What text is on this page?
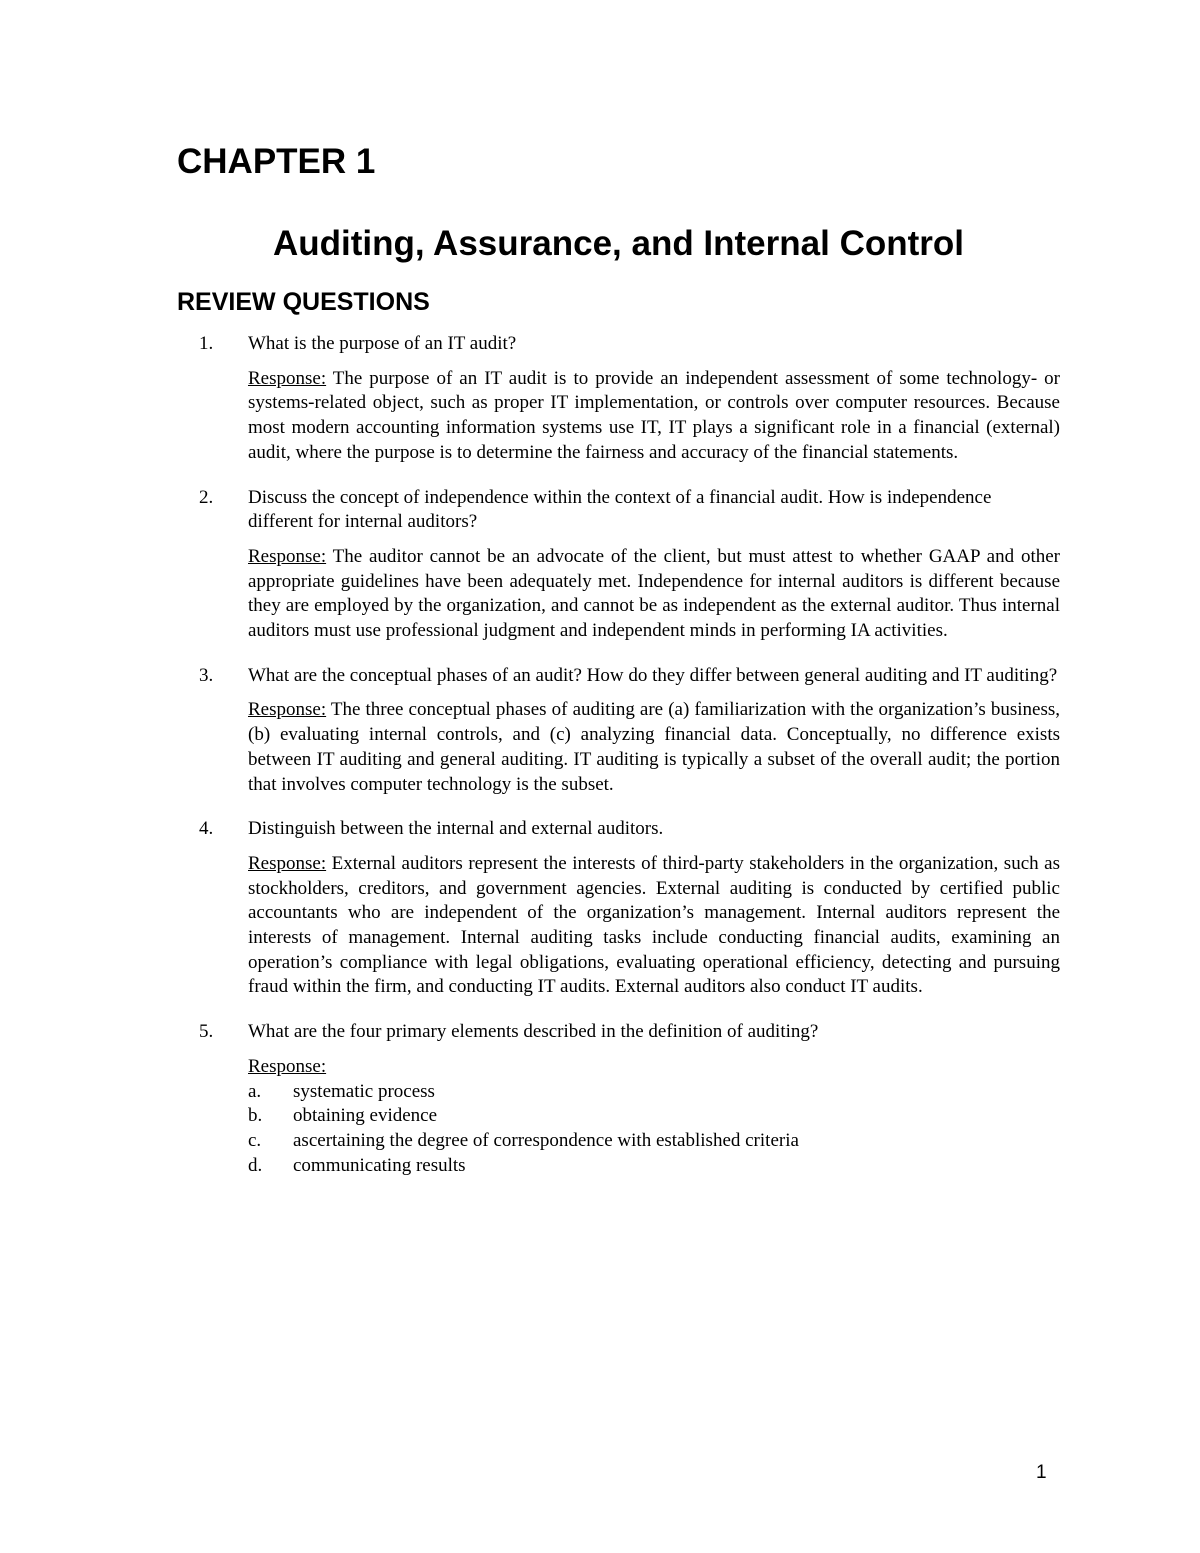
CHAPTER 1
Auditing, Assurance, and Internal Control
REVIEW QUESTIONS
1. What is the purpose of an IT audit?

Response: The purpose of an IT audit is to provide an independent assessment of some technology- or systems-related object, such as proper IT implementation, or controls over computer resources. Because most modern accounting information systems use IT, IT plays a significant role in a financial (external) audit, where the purpose is to determine the fairness and accuracy of the financial statements.

2. Discuss the concept of independence within the context of a financial audit. How is independence different for internal auditors?

Response: The auditor cannot be an advocate of the client, but must attest to whether GAAP and other appropriate guidelines have been adequately met. Independence for internal auditors is different because they are employed by the organization, and cannot be as independent as the external auditor. Thus internal auditors must use professional judgment and independent minds in performing IA activities.

3. What are the conceptual phases of an audit? How do they differ between general auditing and IT auditing?

Response: The three conceptual phases of auditing are (a) familiarization with the organization’s business, (b) evaluating internal controls, and (c) analyzing financial data. Conceptually, no difference exists between IT auditing and general auditing. IT auditing is typically a subset of the overall audit; the portion that involves computer technology is the subset.

4. Distinguish between the internal and external auditors.

Response: External auditors represent the interests of third-party stakeholders in the organization, such as stockholders, creditors, and government agencies. External auditing is conducted by certified public accountants who are independent of the organization’s management. Internal auditors represent the interests of management. Internal auditing tasks include conducting financial audits, examining an operation’s compliance with legal obligations, evaluating operational efficiency, detecting and pursuing fraud within the firm, and conducting IT audits. External auditors also conduct IT audits.

5. What are the four primary elements described in the definition of auditing?

Response:

a. systematic process
b. obtaining evidence
c. ascertaining the degree of correspondence with established criteria
d. communicating results
1
